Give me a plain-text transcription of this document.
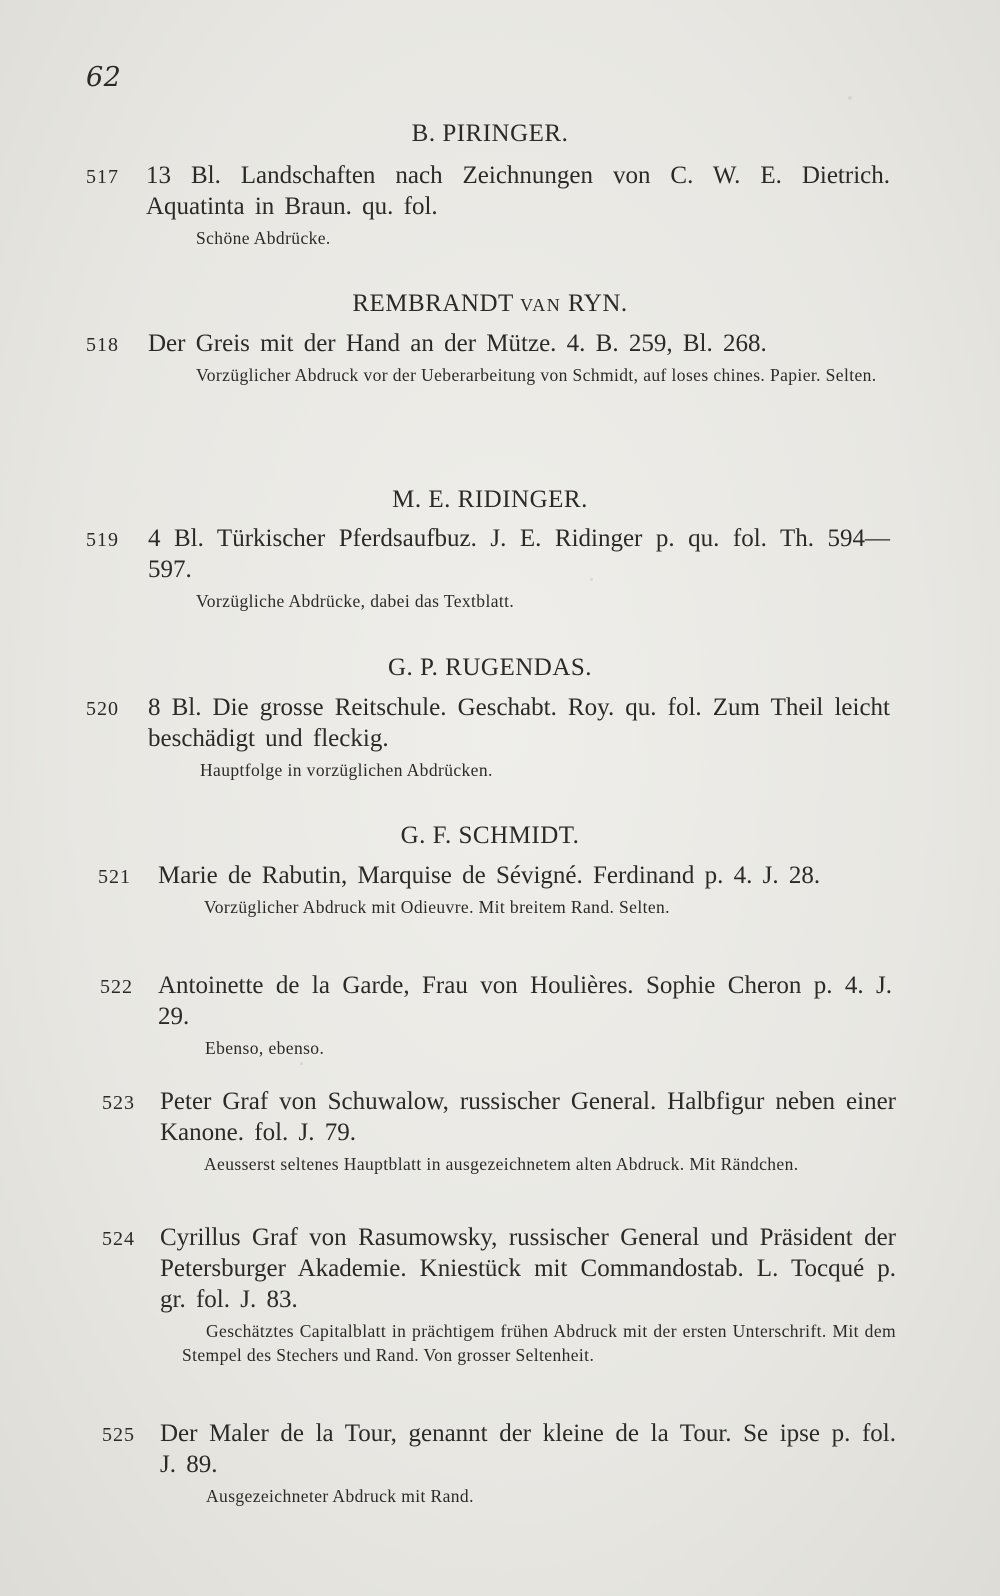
62
B. PIRINGER.
517 13 Bl. Landschaften nach Zeichnungen von C. W. E. Dietrich. Aquatinta in Braun. qu. fol.
Schöne Abdrücke.
REMBRANDT VAN RYN.
518 Der Greis mit der Hand an der Mütze. 4. B. 259, Bl. 268.
Vorzüglicher Abdruck vor der Ueberarbeitung von Schmidt, auf loses chines. Papier. Selten.
M. E. RIDINGER.
519 4 Bl. Türkischer Pferdsaufbuz. J. E. Ridinger p. qu. fol. Th. 594—597.
Vorzügliche Abdrücke, dabei das Textblatt.
G. P. RUGENDAS.
520 8 Bl. Die grosse Reitschule. Geschabt. Roy. qu. fol. Zum Theil leicht beschädigt und fleckig.
Hauptfolge in vorzüglichen Abdrücken.
G. F. SCHMIDT.
521 Marie de Rabutin, Marquise de Sévigné. Ferdinand p. 4. J. 28.
Vorzüglicher Abdruck mit Odieuvre. Mit breitem Rand. Selten.
522 Antoinette de la Garde, Frau von Houlières. Sophie Cheron p. 4. J. 29.
Ebenso, ebenso.
523 Peter Graf von Schuwalow, russischer General. Halbfigur neben einer Kanone. fol. J. 79.
Aeusserst seltenes Hauptblatt in ausgezeichnetem alten Abdruck. Mit Rändchen.
524 Cyrillus Graf von Rasumowsky, russischer General und Präsident der Petersburger Akademie. Kniestück mit Commandostab. L. Tocqué p. gr. fol. J. 83.
Geschätztes Capitalblatt in prächtigem frühen Abdruck mit der ersten Unterschrift. Mit dem Stempel des Stechers und Rand. Von grosser Seltenheit.
525 Der Maler de la Tour, genannt der kleine de la Tour. Se ipse p. fol. J. 89.
Ausgezeichneter Abdruck mit Rand.
